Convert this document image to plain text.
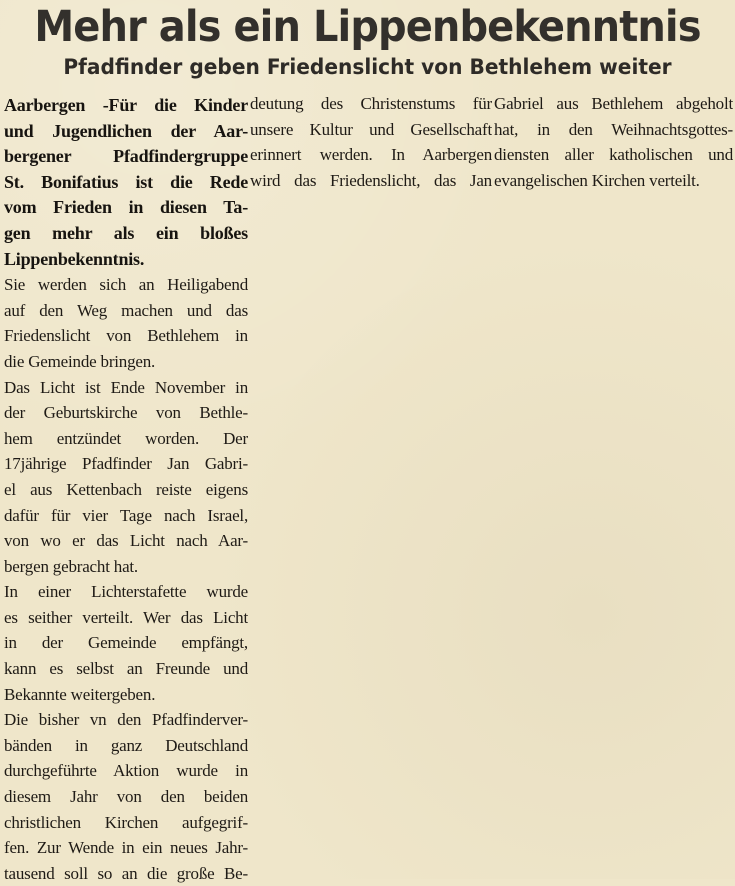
Mehr als ein Lippenbekenntnis
Pfadfinder geben Friedenslicht von Bethlehem weiter
Aarbergen -Für die Kinder
und Jugendlichen der Aar-
bergener Pfadfindergruppe
St. Bonifatius ist die Rede
vom Frieden in diesen Ta-
gen mehr als ein bloßes
Lippenbekenntnis.
Sie werden sich an Heiligabend
auf den Weg machen und das
Friedenslicht von Bethlehem in
die Gemeinde bringen.
Das Licht ist Ende November in
der Geburtskirche von Bethle-
hem entzündet worden. Der
17jährige Pfadfinder Jan Gabri-
el aus Kettenbach reiste eigens
dafür für vier Tage nach Israel,
von wo er das Licht nach Aar-
bergen gebracht hat.
In einer Lichterstafette wurde
es seither verteilt. Wer das Licht
in der Gemeinde empfängt,
kann es selbst an Freunde und
Bekannte weitergeben.
Die bisher vn den Pfadfinderver-
bänden in ganz Deutschland
durchgeführte Aktion wurde in
diesem Jahr von den beiden
christlichen Kirchen aufgegrif-
fen. Zur Wende in ein neues Jahr-
tausend soll so an die große Be-
deutung des Christenstums für
unsere Kultur und Gesellschaft
erinnert werden. In Aarbergen
wird das Friedenslicht, das Jan
Gabriel aus Bethlehem abgeholt
hat, in den Weihnachtsgottes-
diensten aller katholischen und
evangelischen Kirchen verteilt.
